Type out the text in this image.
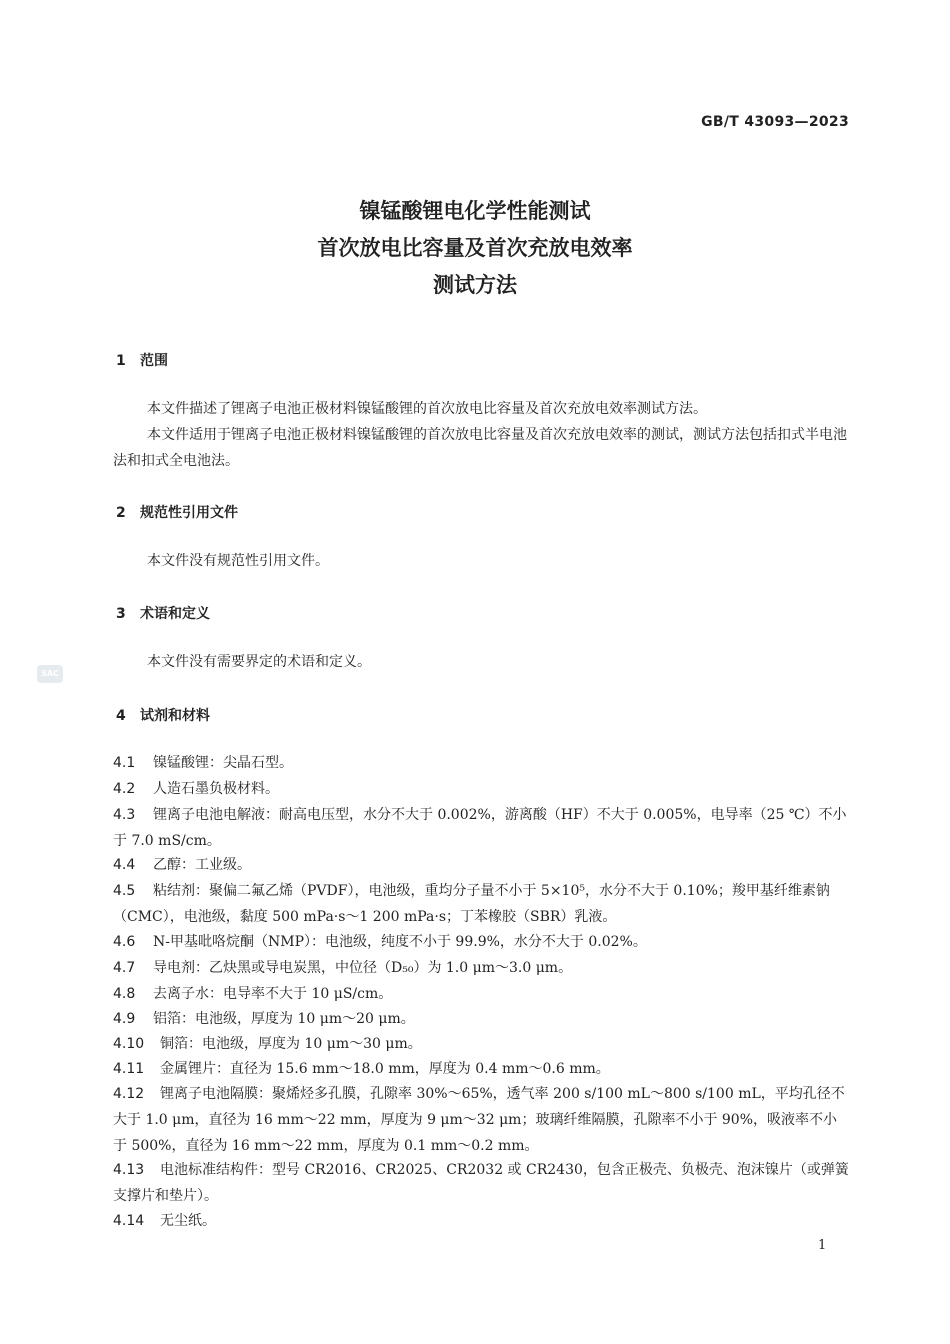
GB/T 43093—2023
镍锰酸锂电化学性能测试
首次放电比容量及首次充放电效率
测试方法
1 范围
本文件描述了锂离子电池正极材料镍锰酸锂的首次放电比容量及首次充放电效率测试方法。
本文件适用于锂离子电池正极材料镍锰酸锂的首次放电比容量及首次充放电效率的测试，测试方法包括扣式半电池法和扣式全电池法。
2 规范性引用文件
本文件没有规范性引用文件。
3 术语和定义
本文件没有需要界定的术语和定义。
SAC
4 试剂和材料
4.1 镍锰酸锂：尖晶石型。
4.2 人造石墨负极材料。
4.3 锂离子电池电解液：耐高电压型，水分不大于 0.002%，游离酸（HF）不大于 0.005%，电导率（25 ℃）不小于 7.0 mS/cm。
4.4 乙醇：工业级。
4.5 粘结剂：聚偏二氟乙烯（PVDF），电池级，重均分子量不小于 5×10⁵，水分不大于 0.10%；羧甲基纤维素钠（CMC），电池级，黏度 500 mPa·s～1 200 mPa·s；丁苯橡胶（SBR）乳液。
4.6 N-甲基吡咯烷酮（NMP）：电池级，纯度不小于 99.9%，水分不大于 0.02%。
4.7 导电剂：乙炔黑或导电炭黑，中位径（D₅₀）为 1.0 μm～3.0 μm。
4.8 去离子水：电导率不大于 10 μS/cm。
4.9 铝箔：电池级，厚度为 10 μm～20 μm。
4.10 铜箔：电池级，厚度为 10 μm～30 μm。
4.11 金属锂片：直径为 15.6 mm～18.0 mm，厚度为 0.4 mm～0.6 mm。
4.12 锂离子电池隔膜：聚烯烃多孔膜，孔隙率 30%～65%，透气率 200 s/100 mL～800 s/100 mL，平均孔径不大于 1.0 μm，直径为 16 mm～22 mm，厚度为 9 μm～32 μm；玻璃纤维隔膜，孔隙率不小于 90%，吸液率不小于 500%，直径为 16 mm～22 mm，厚度为 0.1 mm～0.2 mm。
4.13 电池标准结构件：型号 CR2016、CR2025、CR2032 或 CR2430，包含正极壳、负极壳、泡沫镍片（或弹簧支撑片和垫片）。
4.14 无尘纸。
1
